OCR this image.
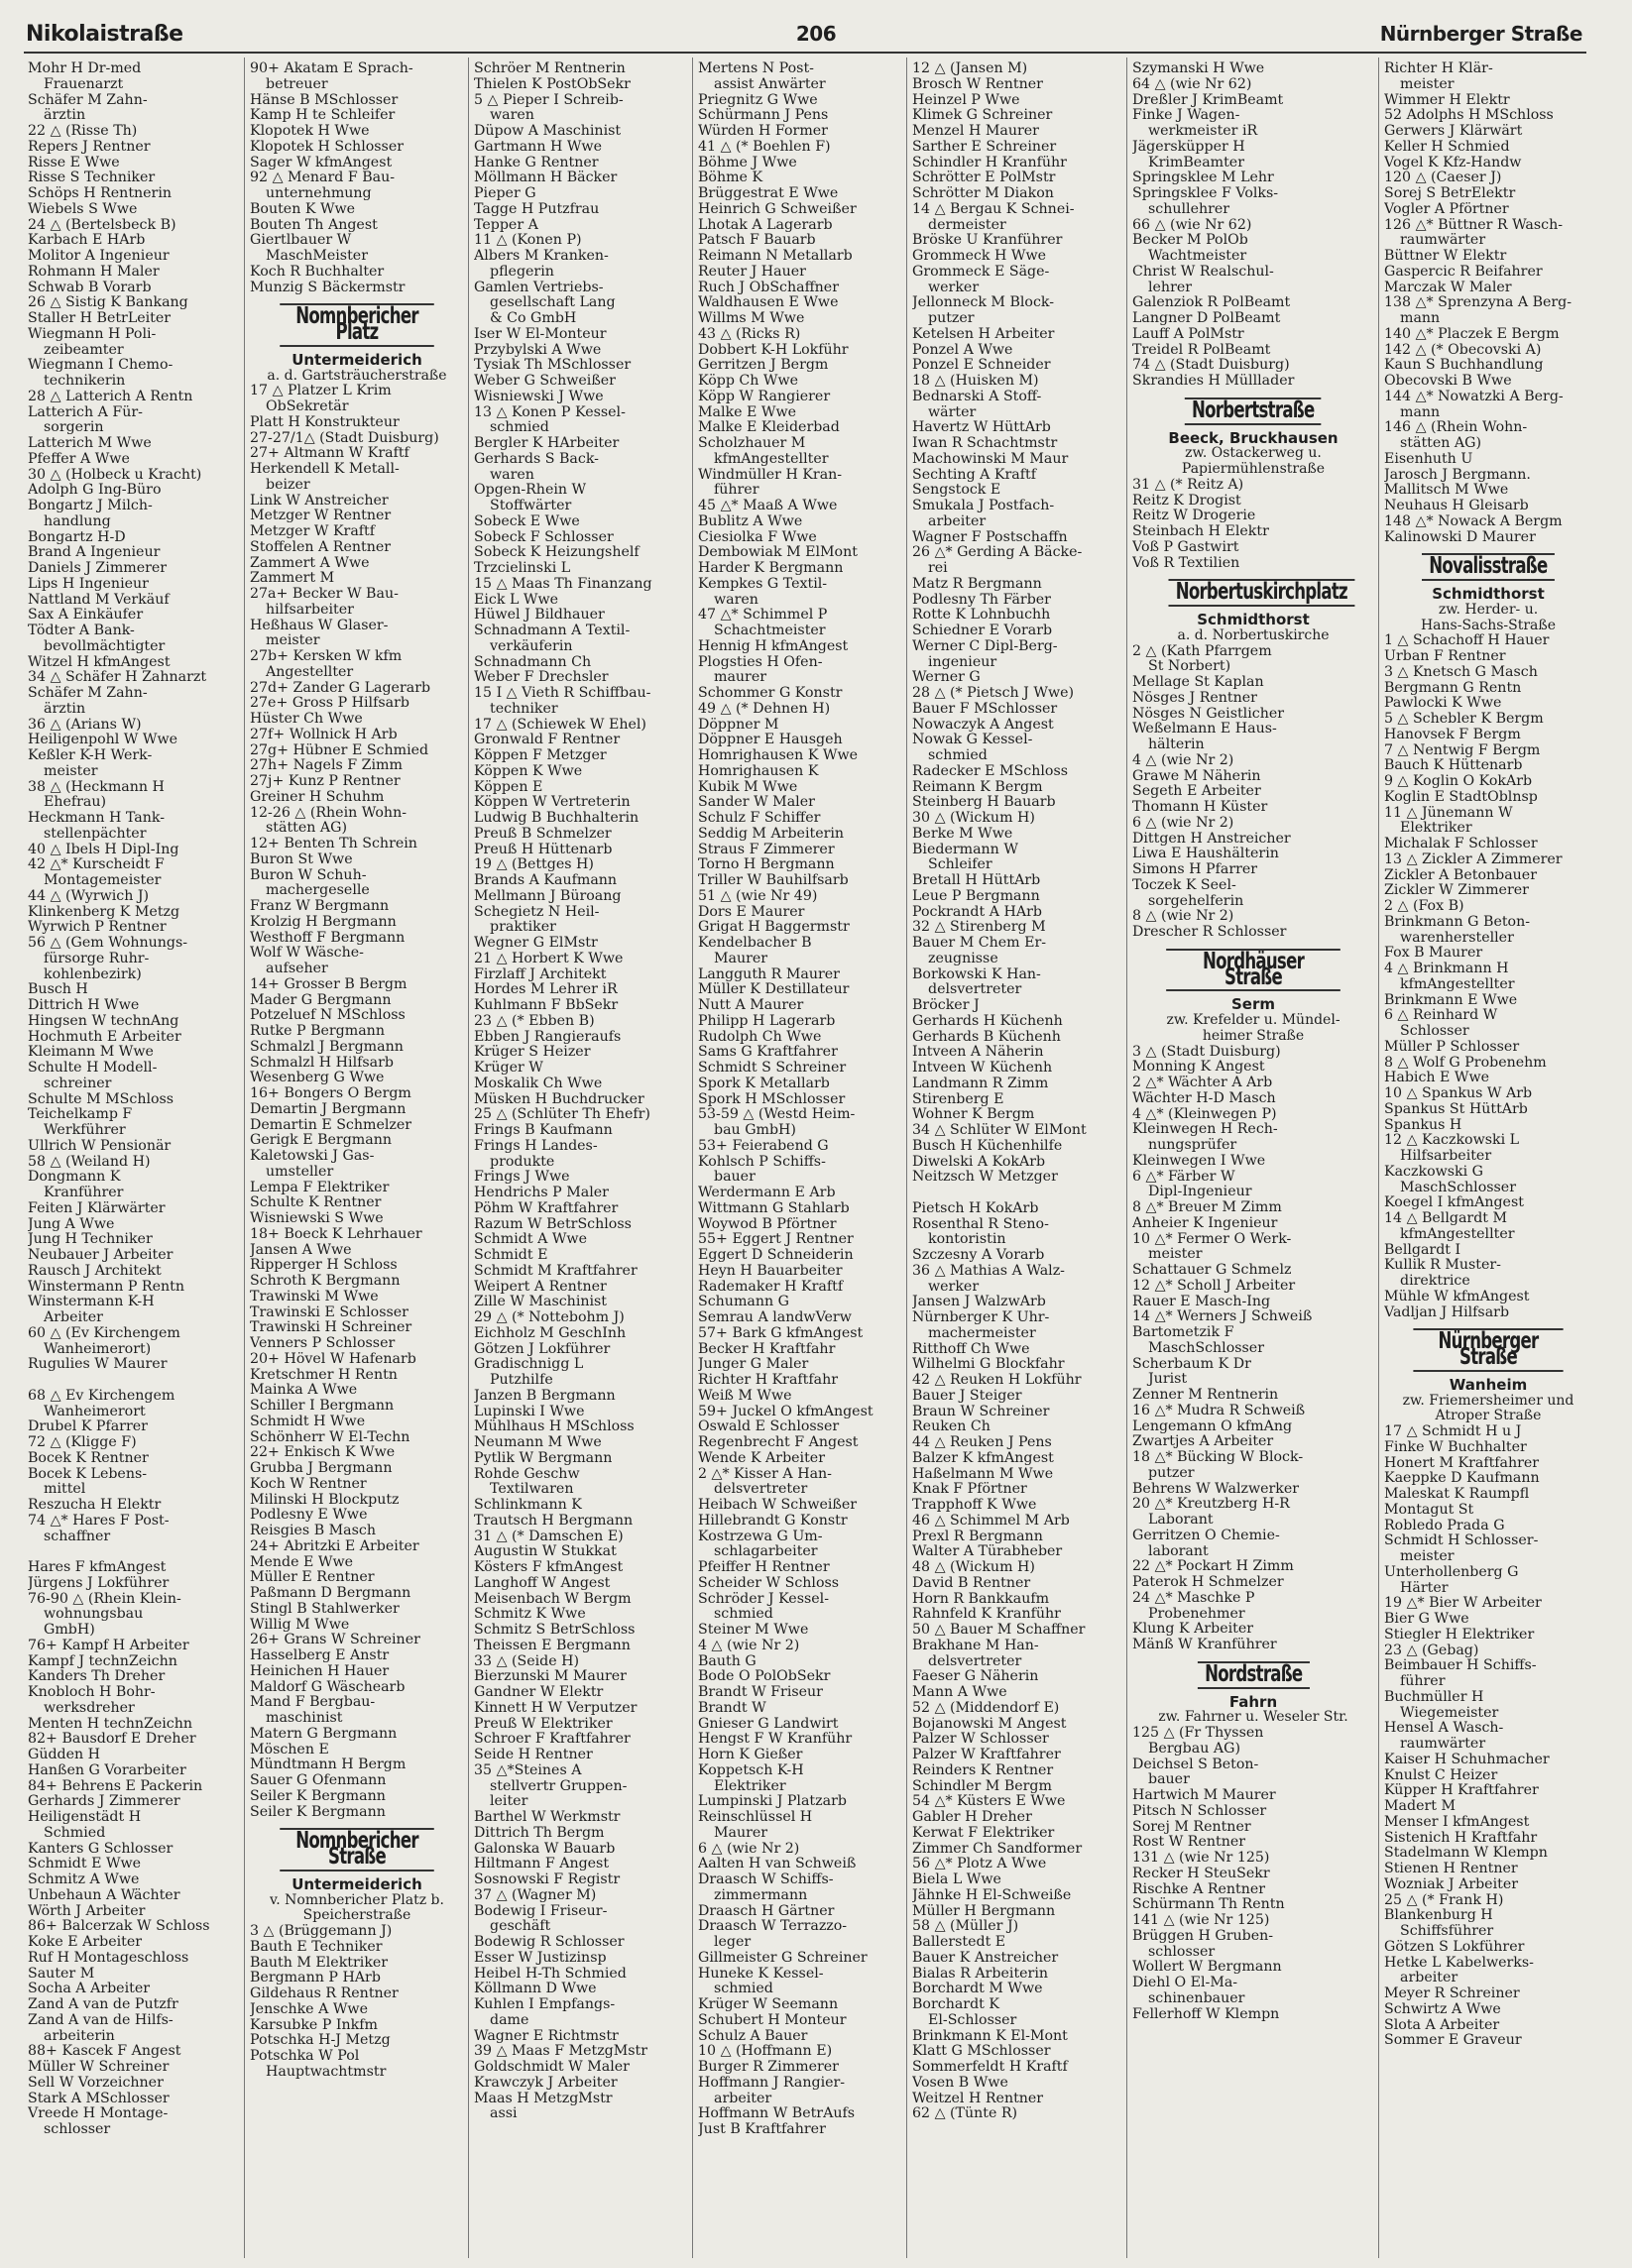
Nikolaistraße	206	Nürnberger Straße
Mohr H Dr-med
Frauenarzt
Schäfer M Zahn-
ärztin
22 △ (Risse Th)
Repers J Rentner
Risse E Wwe
Risse S Techniker
Schöps H Rentnerin
Wiebels S Wwe
24 △ (Bertelsbeck B)
Karbach E HArb
Molitor A Ingenieur
Rohmann H Maler
Schwab B Vorarb
26 △ Sistig K Bankang
Staller H BetrLeiter
Wiegmann H Poli-
zeibeamter
Wiegmann I Chemo-
technikerin
28 △ Latterich A Rentn
Latterich A Für-
sorgerin
Latterich M Wwe
Pfeffer A Wwe
30 △ (Holbeck u Kracht)
Adolph G Ing-Büro
Bongartz J Milch-
handlung
Bongartz H-D
Brand A Ingenieur
Daniels J Zimmerer
Lips H Ingenieur
Nattland M Verkäuf
Sax A Einkäufer
Tödter A Bank-
bevollmächtigter
Witzel H kfmAngest
34 △ Schäfer H Zahnarzt
Schäfer M Zahn-
ärztin
36 △ (Arians W)
Heiligenpohl W Wwe
Keßler K-H Werk-
meister
38 △ (Heckmann H
Ehefrau)
Heckmann H Tank-
stellenpächter
40 △ Ibels H Dipl-Ing
42 △* Kurscheidt F
Montagemeister
44 △ (Wyrwich J)
Klinkenberg K Metzg
Wyrwich P Rentner
56 △ (Gem Wohnungs-
fürsorge Ruhr-
kohlenbezirk)
Busch H
Dittrich H Wwe
Hingsen W technAng
Hochmuth E Arbeiter
Kleimann M Wwe
Schulte H Modell-
schreiner
Schulte M MSchloss
Teichelkamp F
Werkführer
Ullrich W Pensionär
58 △ (Weiland H)
Dongmann K
Kranführer
Feiten J Klärwärter
Jung A Wwe
Jung H Techniker
Neubauer J Arbeiter
Rausch J Architekt
Winstermann P Rentn
Winstermann K-H
Arbeiter
60 △ (Ev Kirchengem
Wanheimerort)
Rugulies W Maurer

68 △ Ev Kirchengem
Wanheimerort
Drubel K Pfarrer
72 △ (Kligge F)
Bocek K Rentner
Bocek K Lebens-
mittel
Reszucha H Elektr
74 △* Hares F Post-
schaffner

Hares F kfmAngest
Jürgens J Lokführer
76-90 △ (Rhein Klein-
wohnungsbau
GmbH)
76+ Kampf H Arbeiter
Kampf J technZeichn
Kanders Th Dreher
Knobloch H Bohr-
werksdreher
Menten H technZeichn
82+ Bausdorf E Dreher
Güdden H
Hanßen G Vorarbeiter
84+ Behrens E Packerin
Gerhards J Zimmerer
Heiligenstädt H
Schmied
Kanters G Schlosser
Schmidt E Wwe
Schmitz A Wwe
Unbehaun A Wächter
Wörth J Arbeiter
86+ Balcerzak W Schloss
Koke E Arbeiter
Ruf H Montageschloss
Sauter M
Socha A Arbeiter
Zand A van de Putzfr
Zand A van de Hilfs-
arbeiterin
88+ Kascek F Angest
Müller W Schreiner
Sell W Vorzeichner
Stark A MSchlosser
Vreede H Montage-
schlosser
90+ Akatam E Sprach-
betreuer
Hänse B MSchlosser
Kamp H te Schleifer
Klopotek H Wwe
Klopotek H Schlosser
Sager W kfmAngest
92 △ Menard F Bau-
unternehmung
Bouten K Wwe
Bouten Th Angest
Giertlbauer W
MaschMeister
Koch R Buchhalter
Munzig S Bäckermstr
Nomnbericher Platz
Untermeiderich
a. d. Gartsträucherstraße
17 △ Platzer L Krim
ObSekretär
Platt H Konstrukteur
27-27/1△ (Stadt Duisburg)
27+ Altmann W Kraftf
Herkendell K Metall-
beizer
Link W Anstreicher
Metzger W Rentner
Metzger W Kraftf
Stoffelen A Rentner
Zammert A Wwe
Zammert M
27a+ Becker W Bau-
hilfsarbeiter
Heßhaus W Glaser-
meister
27b+ Kersken W kfm
Angestellter
27d+ Zander G Lagerarb
27e+ Gross P Hilfsarb
Hüster Ch Wwe
27f+ Wollnick H Arb
27g+ Hübner E Schmied
27h+ Nagels F Zimm
27j+ Kunz P Rentner
Greiner H Schuhm
12-26 △ (Rhein Wohn-
stätten AG)
12+ Benten Th Schrein
Buron St Wwe
Buron W Schuh-
machergeselle
Franz W Bergmann
Krolzig H Bergmann
Westhoff F Bergmann
Wolf W Wäsche-
aufseher
14+ Grosser B Bergm
Mader G Bergmann
Potzeluef N MSchloss
Rutke P Bergmann
Schmalzl J Bergmann
Schmalzl H Hilfsarb
Wesenberg G Wwe
16+ Bongers O Bergm
Demartin J Bergmann
Demartin E Schmelzer
Gerigk E Bergmann
Kaletowski J Gas-
umsteller
Lempa F Elektriker
Schulte K Rentner
Wisniewski S Wwe
18+ Boeck K Lehrhauer
Jansen A Wwe
Ripperger H Schloss
Schroth K Bergmann
Trawinski M Wwe
Trawinski E Schlosser
Trawinski H Schreiner
Venners P Schlosser
20+ Hövel W Hafenarb
Kretschmer H Rentn
Mainka A Wwe
Schiller I Bergmann
Schmidt H Wwe
Schönherr W El-Techn
22+ Enkisch K Wwe
Grubba J Bergmann
Koch W Rentner
Milinski H Blockputz
Podlesny E Wwe
Reisgies B Masch
24+ Abritzki E Arbeiter
Mende E Wwe
Müller E Rentner
Paßmann D Bergmann
Stingl B Stahlwerker
Willig M Wwe
26+ Grans W Schreiner
Hasselberg E Anstr
Heinichen H Hauer
Maldorf G Wäschearb
Mand F Bergbau-
maschinist
Matern G Bergmann
Möschen E
Mündtmann H Bergm
Sauer G Ofenmann
Seiler K Bergmann
Seiler K Bergmann
Nomnbericher Straße
Untermeiderich
v. Nomnbericher Platz b.
Speicherstraße
3 △ (Brüggemann J)
Bauth E Techniker
Bauth M Elektriker
Bergmann P HArb
Gildehaus R Rentner
Jenschke A Wwe
Karsubke P Inkfm
Potschka H-J Metzg
Potschka W Pol
Hauptwachtmstr
Schröer M Rentnerin
Thielen K PostObSekr
5 △ Pieper I Schreib-
waren
Düpow A Maschinist
Gartmann H Wwe
Hanke G Rentner
Möllmann H Bäcker
Pieper G
Tagge H Putzfrau
Tepper A
11 △ (Konen P)
Albers M Kranken-
pflegerin
Gamlen Vertriebs-
gesellschaft Lang
& Co GmbH
Iser W El-Monteur
Przybylski A Wwe
Tysiak Th MSchlosser
Weber G Schweißer
Wisniewski J Wwe
13 △ Konen P Kessel-
schmied
Bergler K HArbeiter
Gerhards S Back-
waren
Opgen-Rhein W
Stoffwärter
Sobeck E Wwe
Sobeck F Schlosser
Sobeck K Heizungshelf
Trzcielinski L
15 △ Maas Th Finanzang
Eick L Wwe
Hüwel J Bildhauer
Schnadmann A Textil-
verkäuferin
Schnadmann Ch
Weber F Drechsler
15 I △ Vieth R Schiffbau-
techniker
17 △ (Schiewek W Ehel)
Gronwald F Rentner
Köppen F Metzger
Köppen K Wwe
Köppen E
Köppen W Vertreterin
Ludwig B Buchhalterin
Preuß B Schmelzer
Preuß H Hüttenarb
19 △ (Bettges H)
Brands A Kaufmann
Mellmann J Büroang
Schegietz N Heil-
praktiker
Wegner G ElMstr
21 △ Horbert K Wwe
Firzlaff J Architekt
Hordes M Lehrer iR
Kuhlmann F BbSekr
23 △ (* Ebben B)
Ebben J Rangieraufs
Krüger S Heizer
Krüger W
Moskalik Ch Wwe
Müsken H Buchdrucker
25 △ (Schlüter Th Ehefr)
Frings B Kaufmann
Frings H Landes-
produkte
Frings J Wwe
Hendrichs P Maler
Pöhm W Kraftfahrer
Razum W BetrSchloss
Schmidt A Wwe
Schmidt E
Schmidt M Kraftfahrer
Weipert A Rentner
Zille W Maschinist
29 △ (* Nottebohm J)
Eichholz M GeschInh
Götzen J Lokführer
Gradischnigg L
Putzhilfe
Janzen B Bergmann
Lupinski I Wwe
Mühlhaus H MSchloss
Neumann M Wwe
Pytlik W Bergmann
Rohde Geschw
Textilwaren
Schlinkmann K
Trautsch H Bergmann
31 △ (* Damschen E)
Augustin W Stukkat
Kösters F kfmAngest
Langhoff W Angest
Meisenbach W Bergm
Schmitz K Wwe
Schmitz S BetrSchloss
Theissen E Bergmann
33 △ (Seide H)
Bierzunski M Maurer
Gandner W Elektr
Kinnett H W Verputzer
Preuß W Elektriker
Schroer F Kraftfahrer
Seide H Rentner
35 △*Steines A
stellvertr Gruppen-
leiter
Barthel W Werkmstr
Dittrich Th Bergm
Galonska W Bauarb
Hiltmann F Angest
Sosnowski F Registr
37 △ (Wagner M)
Bodewig I Friseur-
geschäft
Bodewig R Schlosser
Esser W Justizinsp
Heibel H-Th Schmied
Köllmann D Wwe
Kuhlen I Empfangs-
dame
Wagner E Richtmstr
39 △ Maas F MetzgMstr
Goldschmidt W Maler
Krawczyk J Arbeiter
Maas H MetzgMstr
assi
Mertens N Post-
assist Anwärter
Priegnitz G Wwe
Schürmann J Pens
Würden H Former
41 △ (* Boehlen F)
Böhme J Wwe
Böhme K
Brüggestrat E Wwe
Heinrich G Schweißer
Lhotak A Lagerarb
Patsch F Bauarb
Reimann N Metallarb
Reuter J Hauer
Ruch J ObSchaffner
Waldhausen E Wwe
Willms M Wwe
43 △ (Ricks R)
Dobbert K-H Lokführ
Gerritzen J Bergm
Köpp Ch Wwe
Köpp W Rangierer
Malke E Wwe
Malke E Kleiderbad
Scholzhauer M
kfmAngestellter
Windmüller H Kran-
führer
45 △* Maaß A Wwe
Bublitz A Wwe
Ciesiolka F Wwe
Dembowiak M ElMont
Harder K Bergmann
Kempkes G Textil-
waren
47 △* Schimmel P
Schachtmeister
Hennig H kfmAngest
Plogsties H Ofen-
maurer
Schommer G Konstr
49 △ (* Dehnen H)
Döppner M
Döppner E Hausgeh
Homrighausen K Wwe
Homrighausen K
Kubik M Wwe
Sander W Maler
Schulz F Schiffer
Seddig M Arbeiterin
Straus F Zimmerer
Torno H Bergmann
Triller W Bauhilfsarb
51 △ (wie Nr 49)
Dors E Maurer
Grigat H Baggermstr
Kendelbacher B
Maurer
Langguth R Maurer
Müller K Destillateur
Nutt A Maurer
Philipp H Lagerarb
Rudolph Ch Wwe
Sams G Kraftfahrer
Schmidt S Schreiner
Spork K Metallarb
Spork H MSchlosser
53-59 △ (Westd Heim-
bau GmbH)
53+ Feierabend G
Kohlsch P Schiffs-
bauer
Werdermann E Arb
Wittmann G Stahlarb
Woywod B Pförtner
55+ Eggert J Rentner
Eggert D Schneiderin
Heyn H Bauarbeiter
Rademaker H Kraftf
Schumann G
Semrau A landwVerw
57+ Bark G kfmAngest
Becker H Kraftfahr
Junger G Maler
Richter H Kraftfahr
Weiß M Wwe
59+ Juckel O kfmAngest
Oswald E Schlosser
Regenbrecht F Angest
Wende K Arbeiter
2 △* Kisser A Han-
delsvertreter
Heibach W Schweißer
Hillebrandt G Konstr
Kostrzewa G Um-
schlagarbeiter
Pfeiffer H Rentner
Scheider W Schloss
Schröder J Kessel-
schmied
Steiner M Wwe
4 △ (wie Nr 2)
Bauth G
Bode O PolObSekr
Brandt W Friseur
Brandt W
Gnieser G Landwirt
Hengst F W Kranführ
Horn K Gießer
Koppetsch K-H
Elektriker
Lumpinski J Platzarb
Reinschlüssel H
Maurer
6 △ (wie Nr 2)
Aalten H van Schweiß
Draasch W Schiffs-
zimmermann
Draasch H Gärtner
Draasch W Terrazzo-
leger
Gillmeister G Schreiner
Huneke K Kessel-
schmied
Krüger W Seemann
Schubert H Monteur
Schulz A Bauer
10 △ (Hoffmann E)
Burger R Zimmerer
Hoffmann J Rangier-
arbeiter
Hoffmann W BetrAufs
Just B Kraftfahrer
12 △ (Jansen M)
Brosch W Rentner
Heinzel P Wwe
Klimek G Schreiner
Menzel H Maurer
Sarther E Schreiner
Schindler H Kranführ
Schrötter E PolMstr
Schrötter M Diakon
14 △ Bergau K Schnei-
dermeister
Bröske U Kranführer
Grommeck H Wwe
Grommeck E Säge-
werker
Jellonneck M Block-
putzer
Ketelsen H Arbeiter
Ponzel A Wwe
Ponzel E Schneider
18 △ (Huisken M)
Bednarski A Stoff-
wärter
Havertz W HüttArb
Iwan R Schachtmstr
Machowinski M Maur
Sechting A Kraftf
Sengstock E
Smukala J Postfach-
arbeiter
Wagner F Postschaffn
26 △* Gerding A Bäcke-
rei
Matz R Bergmann
Podlesny Th Färber
Rotte K Lohnbuchh
Schiedner E Vorarb
Werner C Dipl-Berg-
ingenieur
Werner G
28 △ (* Pietsch J Wwe)
Bauer F MSchlosser
Nowaczyk A Angest
Nowak G Kessel-
schmied
Radecker E MSchloss
Reimann K Bergm
Steinberg H Bauarb
30 △ (Wickum H)
Berke M Wwe
Biedermann W
Schleifer
Bretall H HüttArb
Leue P Bergmann
Pockrandt A HArb
32 △ Stirenberg M
Bauer M Chem Er-
zeugnisse
Borkowski K Han-
delsvertreter
Bröcker J
Gerhards H Küchenh
Gerhards B Küchenh
Intveen A Näherin
Intveen W Küchenh
Landmann R Zimm
Stirenberg E
Wohner K Bergm
34 △ Schlüter W ElMont
Busch H Küchenhilfe
Diwelski A KokArb
Neitzsch W Metzger

Pietsch H KokArb
Rosenthal R Steno-
kontoristin
Szczesny A Vorarb
36 △ Mathias A Walz-
werker
Jansen J WalzwArb
Nürnberger K Uhr-
machermeister
Ritthoff Ch Wwe
Wilhelmi G Blockfahr
42 △ Reuken H Lokführ
Bauer J Steiger
Braun W Schreiner
Reuken Ch
44 △ Reuken J Pens
Balzer K kfmAngest
Haßelmann M Wwe
Knak F Pförtner
Trapphoff K Wwe
46 △ Schimmel M Arb
Prexl R Bergmann
Walter A Türabheber
48 △ (Wickum H)
David B Rentner
Horn R Bankkaufm
Rahnfeld K Kranführ
50 △ Bauer M Schaffner
Brakhane M Han-
delsvertreter
Faeser G Näherin
Mann A Wwe
52 △ (Middendorf E)
Bojanowski M Angest
Palzer W Schlosser
Palzer W Kraftfahrer
Reinders K Rentner
Schindler M Bergm
54 △* Küsters E Wwe
Gabler H Dreher
Kerwat F Elektriker
Zimmer Ch Sandformer
56 △* Plotz A Wwe
Biela L Wwe
Jähnke H El-Schweiße
Müller H Bergmann
58 △ (Müller J)
Ballerstedt E
Bauer K Anstreicher
Bialas R Arbeiterin
Borchardt M Wwe
Borchardt K
El-Schlosser
Brinkmann K El-Mont
Klatt G MSchlosser
Sommerfeldt H Kraftf
Vosen B Wwe
Weitzel H Rentner
62 △ (Tünte R)
Szymanski H Wwe
64 △ (wie Nr 62)
Dreßler J KrimBeamt
Finke J Wagen-
werkmeister iR
Jägersküpper H
KrimBeamter
Springsklee M Lehr
Springsklee F Volks-
schullehrer
66 △ (wie Nr 62)
Becker M PolOb
Wachtmeister
Christ W Realschul-
lehrer
Galenziok R PolBeamt
Langner D PolBeamt
Lauff A PolMstr
Treidel R PolBeamt
74 △ (Stadt Duisburg)
Skrandies H Mülllader
Norbertstraße
Beeck, Bruckhausen
zw. Ostackerweg u.
Papiermühlenstraße
31 △ (* Reitz A)
Reitz K Drogist
Reitz W Drogerie
Steinbach H Elektr
Voß P Gastwirt
Voß R Textilien
Norbertuskirchplatz
Schmidthorst
a. d. Norbertuskirche
2 △ (Kath Pfarrgem
St Norbert)
Mellage St Kaplan
Nösges J Rentner
Nösges N Geistlicher
Weßelmann E Haus-
hälterin
4 △ (wie Nr 2)
Grawe M Näherin
Segeth E Arbeiter
Thomann H Küster
6 △ (wie Nr 2)
Dittgen H Anstreicher
Liwa E Haushälterin
Simons H Pfarrer
Toczek K Seel-
sorgehelferin
8 △ (wie Nr 2)
Drescher R Schlosser
Nordhäuser Straße
Serm
zw. Krefelder u. Mündel-
heimer Straße
3 △ (Stadt Duisburg)
Monning K Angest
2 △* Wächter A Arb
Wächter H-D Masch
4 △* (Kleinwegen P)
Kleinwegen H Rech-
nungsprüfer
Kleinwegen I Wwe
6 △* Färber W
Dipl-Ingenieur
8 △* Breuer M Zimm
Anheier K Ingenieur
10 △* Fermer O Werk-
meister
Schattauer G Schmelz
12 △* Scholl J Arbeiter
Rauer E Masch-Ing
14 △* Werners J Schweiß
Bartometzik F
MaschSchlosser
Scherbaum K Dr
Jurist
Zenner M Rentnerin
16 △* Mudra R Schweiß
Lengemann O kfmAng
Zwartjes A Arbeiter
18 △* Bücking W Block-
putzer
Behrens W Walzwerker
20 △* Kreutzberg H-R
Laborant
Gerritzen O Chemie-
laborant
22 △* Pockart H Zimm
Paterok H Schmelzer
24 △* Maschke P
Probenehmer
Klung K Arbeiter
Mänß W Kranführer
Nordstraße
Fahrn
zw. Fahrner u. Weseler Str.
125 △ (Fr Thyssen
Bergbau AG)
Deichsel S Beton-
bauer
Hartwich M Maurer
Pitsch N Schlosser
Sorej M Rentner
Rost W Rentner
131 △ (wie Nr 125)
Recker H SteuSekr
Rischke A Rentner
Schürmann Th Rentn
141 △ (wie Nr 125)
Brüggen H Gruben-
schlosser
Wollert W Bergmann
Diehl O El-Ma-
schinenbauer
Fellerhoff W Klempn
Richter H Klär-
meister
Wimmer H Elektr
52 Adolphs H MSchloss
Gerwers J Klärwärt
Keller H Schmied
Vogel K Kfz-Handw
120 △ (Caeser J)
Sorej S BetrElektr
Vogler A Pförtner
126 △* Büttner R Wasch-
raumwärter
Büttner W Elektr
Gaspercic R Beifahrer
Marczak W Maler
138 △* Sprenzyna A Berg-
mann
140 △* Placzek E Bergm
142 △ (* Obecovski A)
Kaun S Buchhandlung
Obecovski B Wwe
144 △* Nowatzki A Berg-
mann
146 △ (Rhein Wohn-
stätten AG)
Eisenhuth U
Jarosch J Bergmann.
Mallitsch M Wwe
Neuhaus H Gleisarb
148 △* Nowack A Bergm
Kalinowski D Maurer
Novalisstraße
Schmidthorst
zw. Herder- u.
Hans-Sachs-Straße
1 △ Schachoff H Hauer
Urban F Rentner
3 △ Knetsch G Masch
Bergmann G Rentn
Pawlocki K Wwe
5 △ Schebler K Bergm
Hanovsek F Bergm
7 △ Nentwig F Bergm
Bauch K Hüttenarb
9 △ Koglin O KokArb
Koglin E StadtOblnsp
11 △ Jünemann W
Elektriker
Michalak F Schlosser
13 △ Zickler A Zimmerer
Zickler A Betonbauer
Zickler W Zimmerer
2 △ (Fox B)
Brinkmann G Beton-
warenhersteller
Fox B Maurer
4 △ Brinkmann H
kfmAngestellter
Brinkmann E Wwe
6 △ Reinhard W
Schlosser
Müller P Schlosser
8 △ Wolf G Probenehm
Habich E Wwe
10 △ Spankus W Arb
Spankus St HüttArb
Spankus H
12 △ Kaczkowski L
Hilfsarbeiter
Kaczkowski G
MaschSchlosser
Koegel I kfmAngest
14 △ Bellgardt M
kfmAngestellter
Bellgardt I
Kullik R Muster-
direktrice
Mühle W kfmAngest
Vadljan J Hilfsarb
Nürnberger Straße
Wanheim
zw. Friemersheimer und
Atroper Straße
17 △ Schmidt H u J
Finke W Buchhalter
Honert M Kraftfahrer
Kaeppke D Kaufmann
Maleskat K Raumpfl
Montagut St
Robledo Prada G
Schmidt H Schlosser-
meister
Unterhollenberg G
Härter
19 △* Bier W Arbeiter
Bier G Wwe
Stiegler H Elektriker
23 △ (Gebag)
Beimbauer H Schiffs-
führer
Buchmüller H
Wiegemeister
Hensel A Wasch-
raumwärter
Kaiser H Schuhmacher
Knulst C Heizer
Küpper H Kraftfahrer
Madert M
Menser I kfmAngest
Sistenich H Kraftfahr
Stadelmann W Klempn
Stienen H Rentner
Wozniak J Arbeiter
25 △ (* Frank H)
Blankenburg H
Schiffsführer
Götzen S Lokführer
Hetke L Kabelwerks-
arbeiter
Meyer R Schreiner
Schwirtz A Wwe
Slota A Arbeiter
Sommer E Graveur
